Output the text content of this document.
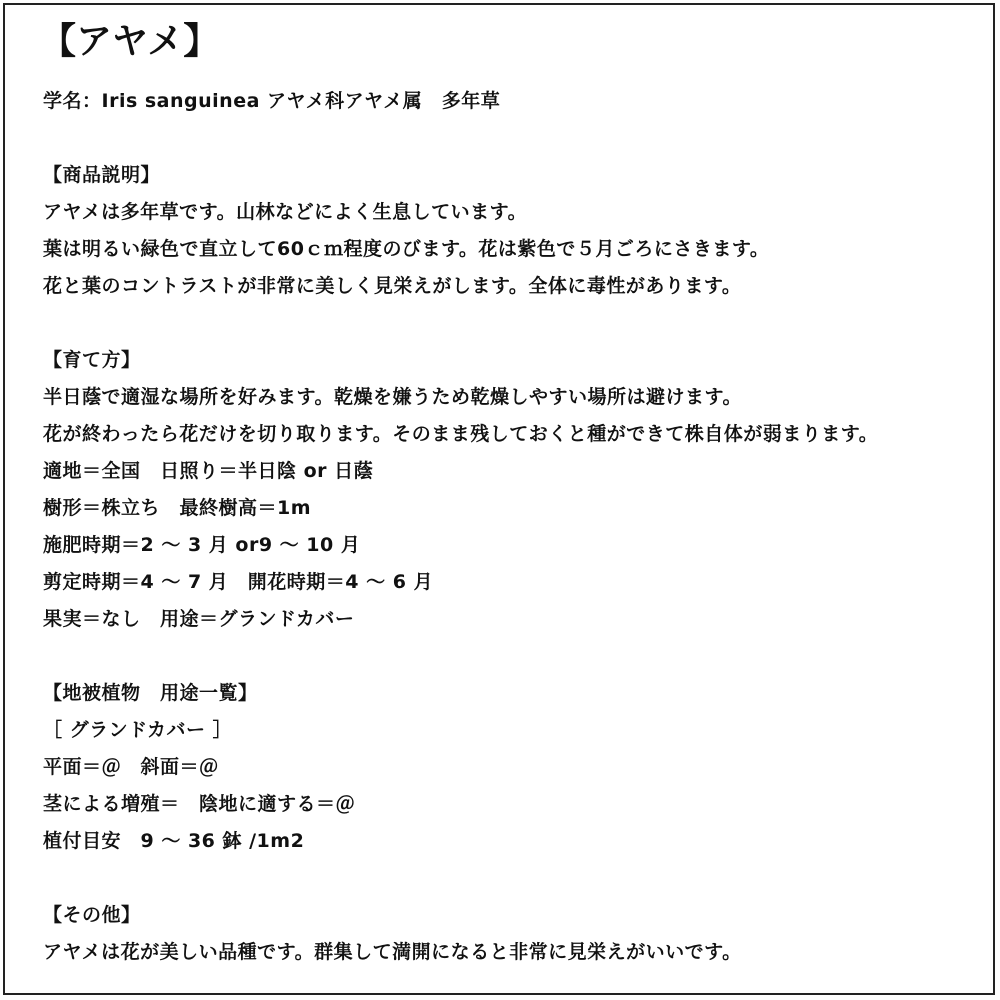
【アヤメ】
学名：Iris sanguinea アヤメ科アヤメ属　多年草
【商品説明】
アヤメは多年草です。山林などによく生息しています。
葉は明るい緑色で直立して60ｃｍ程度のびます。花は紫色で５月ごろにさきます。
花と葉のコントラストが非常に美しく見栄えがします。全体に毒性があります。
【育て方】
半日蔭で適湿な場所を好みます。乾燥を嫌うため乾燥しやすい場所は避けます。
花が終わったら花だけを切り取ります。そのまま残しておくと種ができて株自体が弱まります。
適地＝全国　日照り＝半日陰 or 日蔭
樹形＝株立ち　最終樹高＝1m
施肥時期＝2 ～ 3 月 or9 ～ 10 月
剪定時期＝4 ～ 7 月　開花時期＝4 ～ 6 月
果実＝なし　用途＝グランドカバー
【地被植物　用途一覧】
［ グランドカバー ］
平面＝＠　斜面＝＠
茎による増殖＝　陰地に適する＝＠
植付目安　9 ～ 36 鉢 /1m2
【その他】
アヤメは花が美しい品種です。群集して満開になると非常に見栄えがいいです。
